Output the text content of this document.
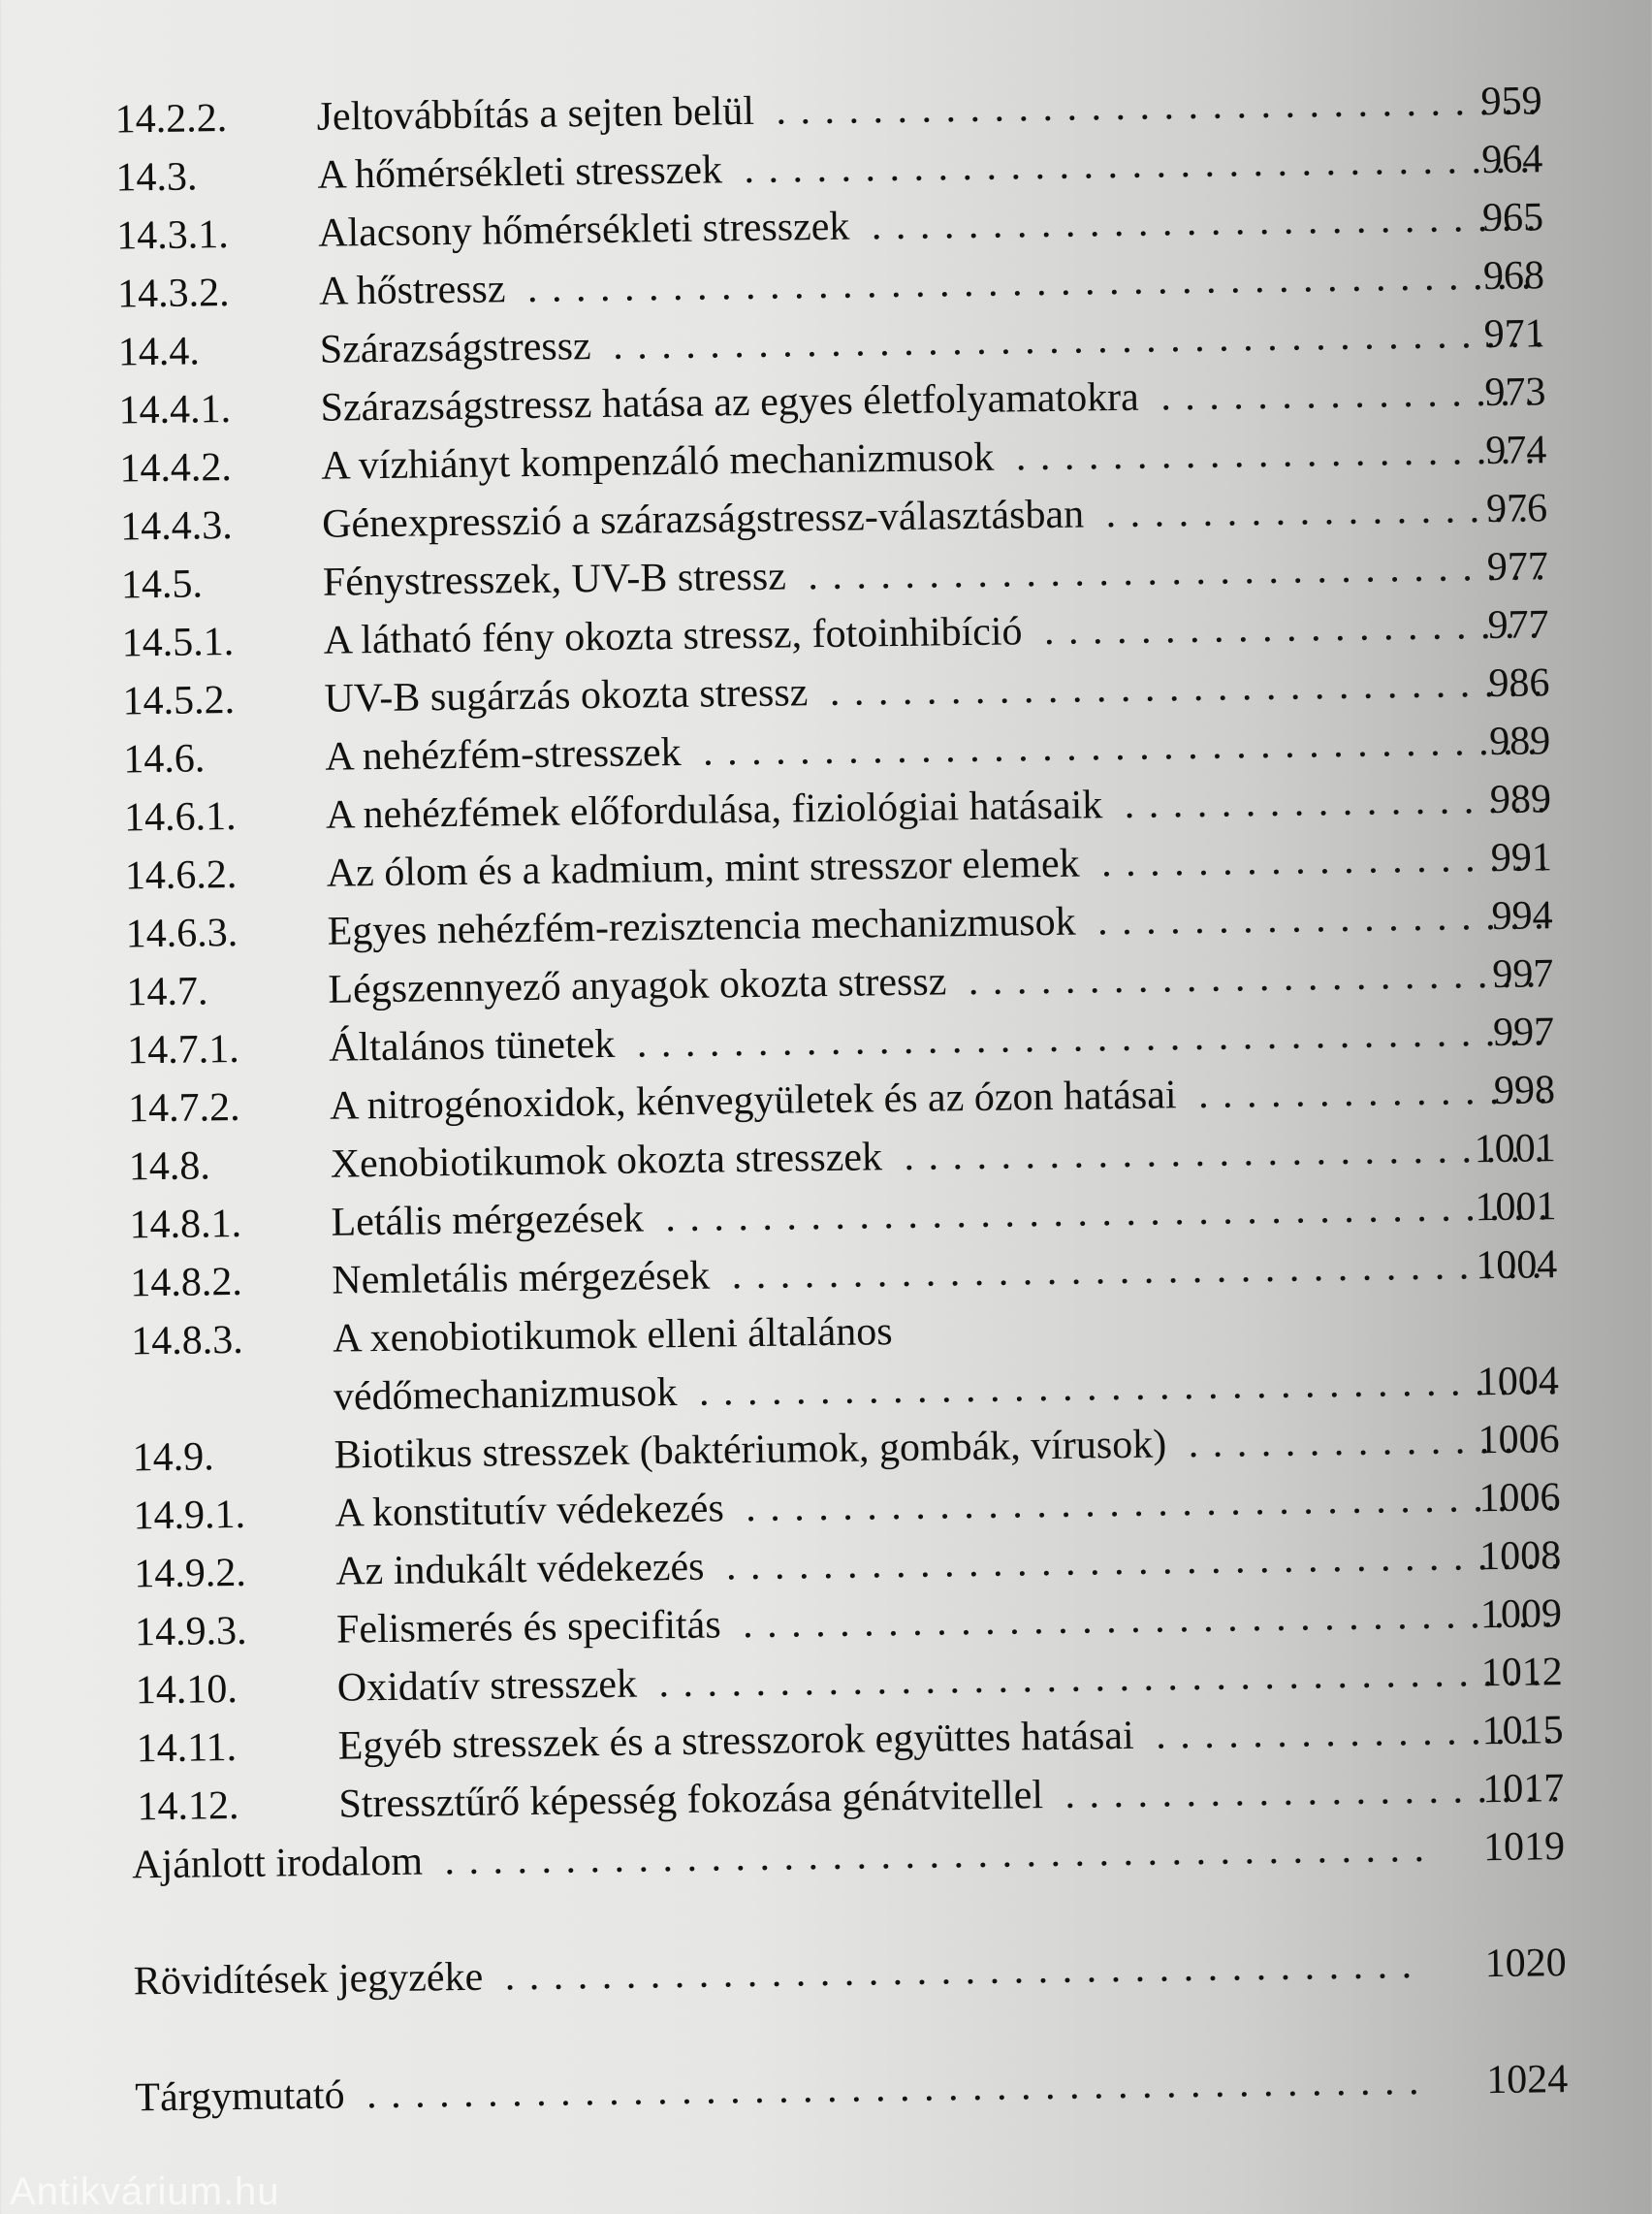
14.2.2. Jeltovábbítás a sejten belül . . .	959
14.3.	A hőmérsékleti stresszek . . .	964
14.3.1. Alacsony hőmérsékleti stresszek . . .	965
14.3.2. A hőstressz . . .	968
14.4.	Szárazságstressz . . .	971
14.4.1. Szárazságstressz hatása az egyes életfolyamatokra . . .	973
14.4.2. A vízhiányt kompenzáló mechanizmusok . . .	974
14.4.3. Génexpresszió a szárazságstressz-választásban . . .	976
14.5.	Fénystresszek, UV-B stressz . . .	977
14.5.1. A látható fény okozta stressz, fotoinhibíció . . .	977
14.5.2. UV-B sugárzás okozta stressz . . .	986
14.6.	A nehézfém-stresszek . . .	989
14.6.1. A nehézfémek előfordulása, fiziológiai hatásaik . . .	989
14.6.2. Az ólom és a kadmium, mint stresszor elemek . . .	991
14.6.3. Egyes nehézfém-rezisztencia mechanizmusok . . .	994
14.7.	Légszennyező anyagok okozta stressz . . .	997
14.7.1. Általános tünetek . . .	997
14.7.2. A nitrogénoxidok, kénvegyületek és az ózon hatásai . . .	998
14.8.	Xenobiotikumok okozta stresszek . . .	1001
14.8.1. Letális mérgezések . . .	1001
14.8.2. Nemletális mérgezések . . .	1004
14.8.3. A xenobiotikumok elleni általános
védőmechanizmusok . . .	1004
14.9.	Biotikus stresszek (baktériumok, gombák, vírusok) . . .	1006
14.9.1. A konstitutív védekezés . . .	1006
14.9.2. Az indukált védekezés . . .	1008
14.9.3. Felismerés és specifitás . . .	1009
14.10. Oxidatív stresszek . . .	1012
14.11. Egyéb stresszek és a stresszorok együttes hatásai . . .	1015
14.12. Stressztűrő képesség fokozása génátvitellel . . .	1017
Ajánlott irodalom . . .	1019
Rövidítések jegyzéke . . .	1020
Tárgymutató . . .	1024
Antikvárium.hu
